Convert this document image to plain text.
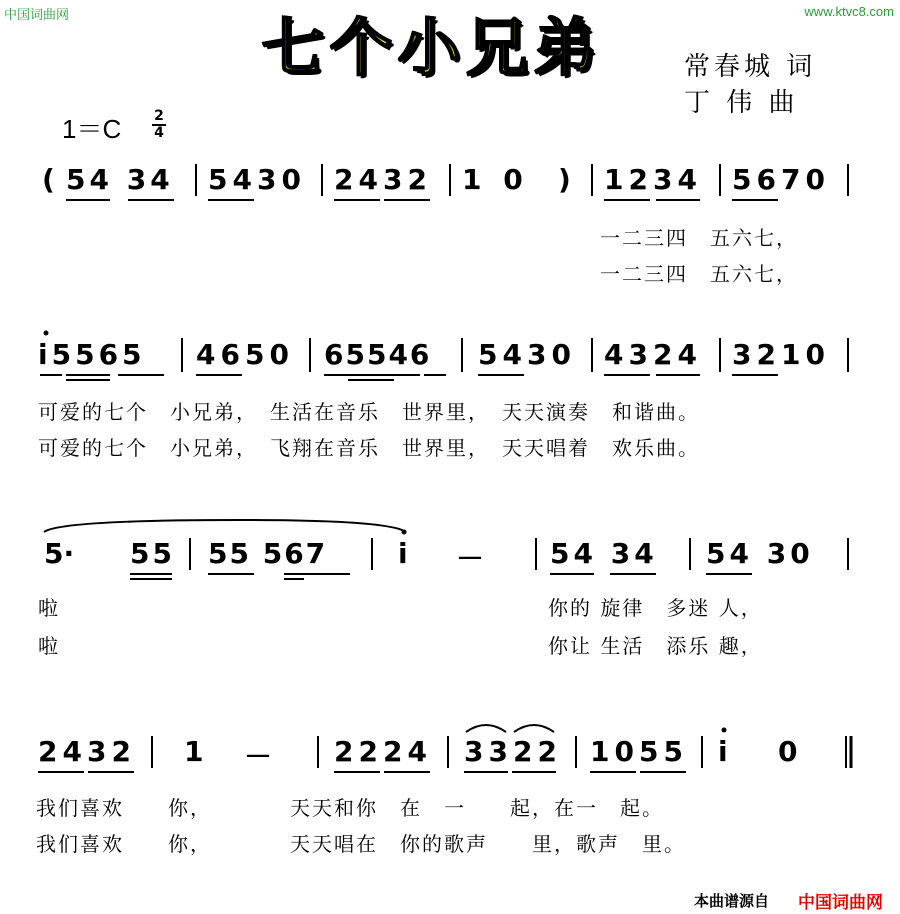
中国词曲网	www.ktvc8.com
七个小兄弟	常春城 词
丁 伟 曲
1＝C 2
4
( 54 34 5430 2432 1 0 ) 1234 5670
一二三四　五六七，
一二三四　五六七，
i5565 4650 65546 5430 4324 3210
可爱的七个　小兄弟，　生活在音乐　世界里，　天天演奏　和谐曲。
可爱的七个　小兄弟，　飞翔在音乐　世界里，　天天唱着　欢乐曲。
5· 55 55 567	i － 54 34 54 30
啦
啦
你的 旋律　多迷 人，
你让 生活　添乐 趣，
2432 1 － 2224 3322 1055 i 0
我们喜欢　　你，　　　　天天和你　在　一　　起，在一　起。
我们喜欢　　你，　　　　天天唱在　你的歌声　　里，歌声　里。
本曲谱源自 中国词曲网
